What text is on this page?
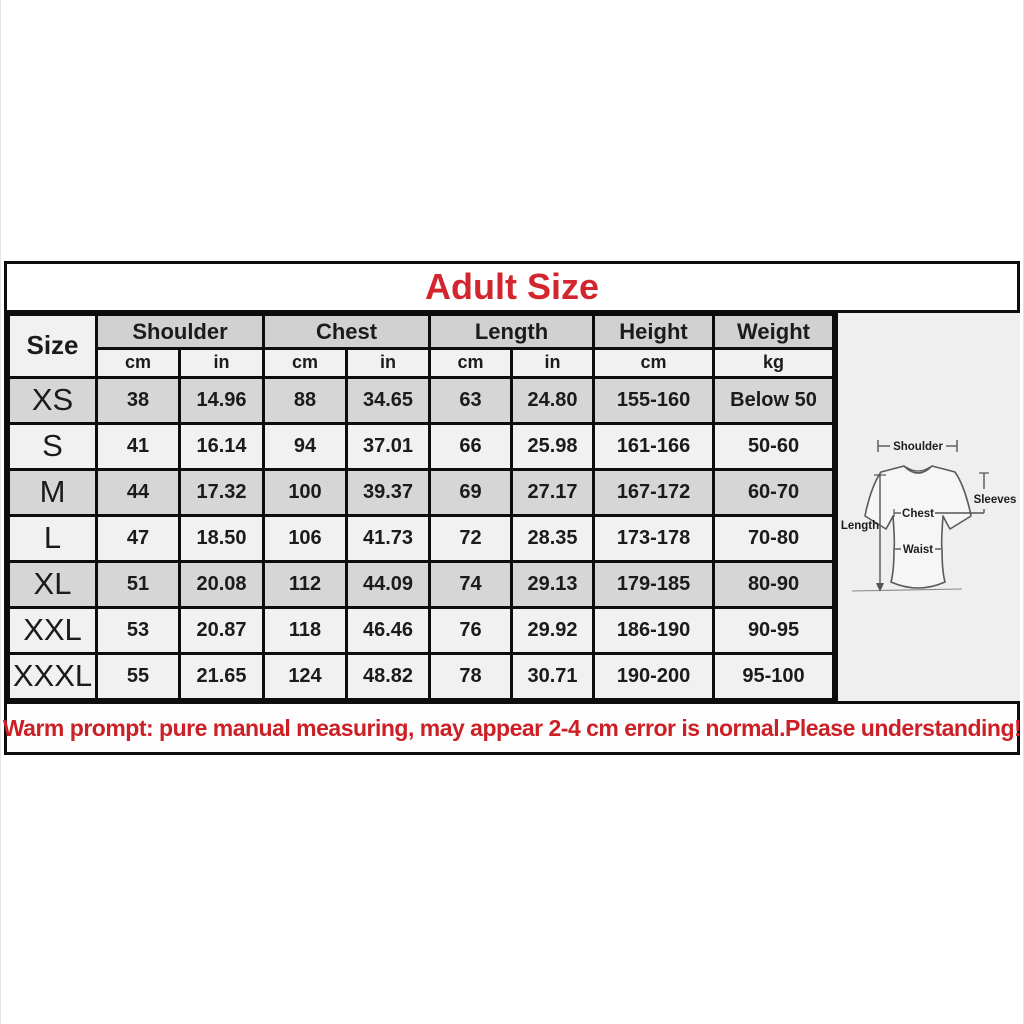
Adult Size
Size	Shoulder		Chest		Length		Height	Weight
	cm	in	cm	in	cm	in	cm	kg
XS	38	14.96	88	34.65	63	24.80	155-160	Below 50
S	41	16.14	94	37.01	66	25.98	161-166	50-60
M	44	17.32	100	39.37	69	27.17	167-172	60-70
L	47	18.50	106	41.73	72	28.35	173-178	70-80
XL	51	20.08	112	44.09	74	29.13	179-185	80-90
XXL	53	20.87	118	46.46	76	29.92	186-190	90-95
XXXL	55	21.65	124	48.82	78	30.71	190-200	95-100
Shoulder
Chest
Sleeves
Length
Waist
Warm prompt: pure manual measuring, may appear 2-4 cm error is normal.Please understanding!
